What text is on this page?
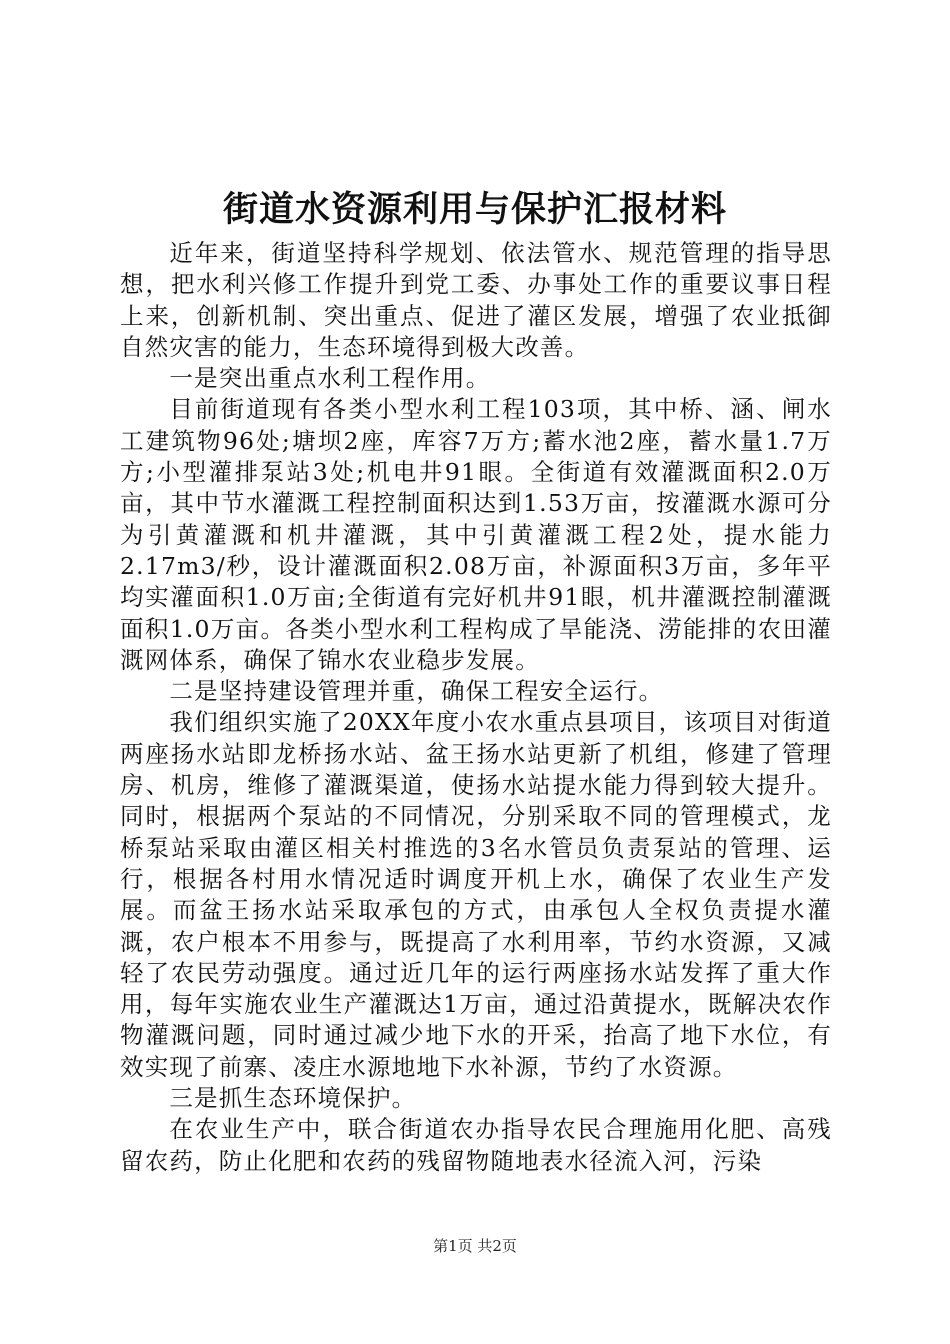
街道水资源利用与保护汇报材料

近年来，街道坚持科学规划、依法管水、规范管理的指导思想，把水利兴修工作提升到党工委、办事处工作的重要议事日程上来，创新机制、突出重点、促进了灌区发展，增强了农业抵御自然灾害的能力，生态环境得到极大改善。

一是突出重点水利工程作用。

目前街道现有各类小型水利工程103项，其中桥、涵、闸水工建筑物96处;塘坝2座，库容7万方;蓄水池2座，蓄水量1.7万方;小型灌排泵站3处;机电井91眼。全街道有效灌溉面积2.0万亩，其中节水灌溉工程控制面积达到1.53万亩，按灌溉水源可分为引黄灌溉和机井灌溉，其中引黄灌溉工程2处，提水能力2.17m3/秒，设计灌溉面积2.08万亩，补源面积3万亩，多年平均实灌面积1.0万亩;全街道有完好机井91眼，机井灌溉控制灌溉面积1.0万亩。各类小型水利工程构成了旱能浇、涝能排的农田灌溉网体系，确保了锦水农业稳步发展。

二是坚持建设管理并重，确保工程安全运行。

我们组织实施了20XX年度小农水重点县项目，该项目对街道两座扬水站即龙桥扬水站、盆王扬水站更新了机组，修建了管理房、机房，维修了灌溉渠道，使扬水站提水能力得到较大提升。同时，根据两个泵站的不同情况，分别采取不同的管理模式，龙桥泵站采取由灌区相关村推选的3名水管员负责泵站的管理、运行，根据各村用水情况适时调度开机上水，确保了农业生产发展。而盆王扬水站采取承包的方式，由承包人全权负责提水灌溉，农户根本不用参与，既提高了水利用率，节约水资源，又减轻了农民劳动强度。通过近几年的运行两座扬水站发挥了重大作用，每年实施农业生产灌溉达1万亩，通过沿黄提水，既解决农作物灌溉问题，同时通过减少地下水的开采，抬高了地下水位，有效实现了前寨、凌庄水源地地下水补源，节约了水资源。

三是抓生态环境保护。

在农业生产中，联合街道农办指导农民合理施用化肥、高残留农药，防止化肥和农药的残留物随地表水径流入河，污染

第1页 共2页
